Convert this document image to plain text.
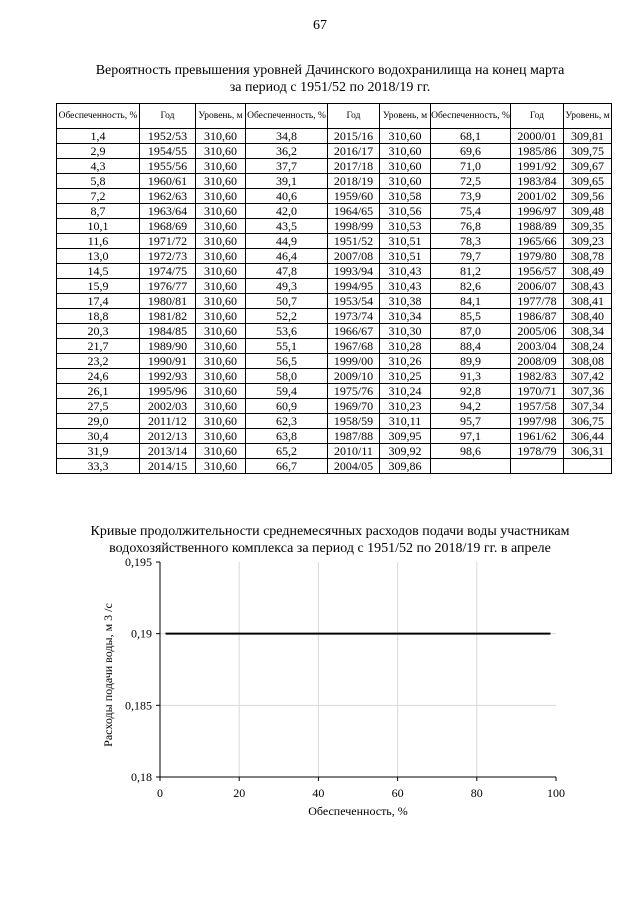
67
Вероятность превышения уровней Дачинского водохранилища на конец марта
за период с 1951/52 по 2018/19 гг.
Обеспеченность, %	Год	Уровень, м	Обеспеченность, %	Год	Уровень, м	Обеспеченность, %	Год	Уровень, м
1,4	1952/53	310,60	34,8	2015/16	310,60	68,1	2000/01	309,81
2,9	1954/55	310,60	36,2	2016/17	310,60	69,6	1985/86	309,75
4,3	1955/56	310,60	37,7	2017/18	310,60	71,0	1991/92	309,67
5,8	1960/61	310,60	39,1	2018/19	310,60	72,5	1983/84	309,65
7,2	1962/63	310,60	40,6	1959/60	310,58	73,9	2001/02	309,56
8,7	1963/64	310,60	42,0	1964/65	310,56	75,4	1996/97	309,48
10,1	1968/69	310,60	43,5	1998/99	310,53	76,8	1988/89	309,35
11,6	1971/72	310,60	44,9	1951/52	310,51	78,3	1965/66	309,23
13,0	1972/73	310,60	46,4	2007/08	310,51	79,7	1979/80	308,78
14,5	1974/75	310,60	47,8	1993/94	310,43	81,2	1956/57	308,49
15,9	1976/77	310,60	49,3	1994/95	310,43	82,6	2006/07	308,43
17,4	1980/81	310,60	50,7	1953/54	310,38	84,1	1977/78	308,41
18,8	1981/82	310,60	52,2	1973/74	310,34	85,5	1986/87	308,40
20,3	1984/85	310,60	53,6	1966/67	310,30	87,0	2005/06	308,34
21,7	1989/90	310,60	55,1	1967/68	310,28	88,4	2003/04	308,24
23,2	1990/91	310,60	56,5	1999/00	310,26	89,9	2008/09	308,08
24,6	1992/93	310,60	58,0	2009/10	310,25	91,3	1982/83	307,42
26,1	1995/96	310,60	59,4	1975/76	310,24	92,8	1970/71	307,36
27,5	2002/03	310,60	60,9	1969/70	310,23	94,2	1957/58	307,34
29,0	2011/12	310,60	62,3	1958/59	310,11	95,7	1997/98	306,75
30,4	2012/13	310,60	63,8	1987/88	309,95	97,1	1961/62	306,44
31,9	2013/14	310,60	65,2	2010/11	309,92	98,6	1978/79	306,31
33,3	2014/15	310,60	66,7	2004/05	309,86			
Кривые продолжительности среднемесячных расходов подачи воды участникам
водохозяйственного комплекса за период с 1951/52 по 2018/19 гг. в апреле
0	20	40	60	80	100
0,195
0,19
0,185
0,18
Обеспеченность, %
Расходы подачи воды, м 3 /с
